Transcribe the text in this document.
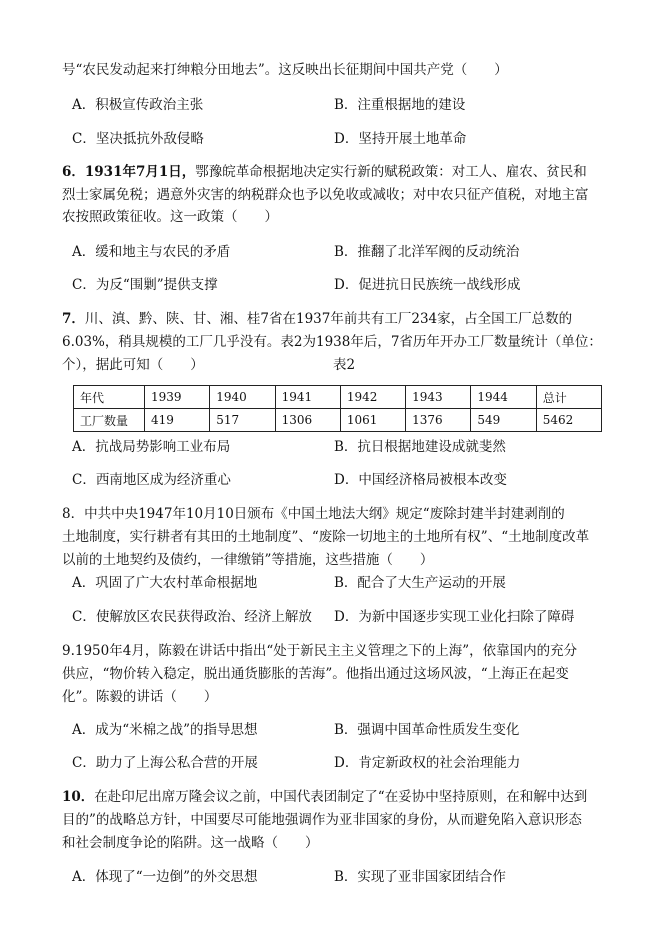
号“农民发动起来打绅粮分田地去”。这反映出长征期间中国共产党（　　）
A．积极宣传政治主张	B．注重根据地的建设
C．坚决抵抗外敌侵略	D．坚持开展土地革命
6．1931年7月1日，鄂豫皖革命根据地决定实行新的赋税政策：对工人、雇农、贫民和
烈士家属免税；遇意外灾害的纳税群众也予以免收或减收；对中农只征产值税，对地主富
农按照政策征收。这一政策（　　）
A．缓和地主与农民的矛盾	B．推翻了北洋军阀的反动统治
C．为反“围剿”提供支撑	D．促进抗日民族统一战线形成
7．川、滇、黔、陕、甘、湘、桂7省在1937年前共有工厂234家，占全国工厂总数的
6.03%，稍具规模的工厂几乎没有。表2为1938年后，7省历年开办工厂数量统计（单位：
个），据此可知（　　）	表2
年代	1939	1940	1941	1942	1943	1944	总计
工厂数量	419	517	1306	1061	1376	549	5462
A．抗战局势影响工业布局	B．抗日根据地建设成就斐然
C．西南地区成为经济重心	D．中国经济格局被根本改变
8．中共中央1947年10月10日颁布《中国土地法大纲》规定“废除封建半封建剥削的
土地制度，实行耕者有其田的土地制度”、“废除一切地主的土地所有权”、“土地制度改革
以前的土地契约及债约，一律缴销”等措施，这些措施（　　）
A．巩固了广大农村革命根据地	B．配合了大生产运动的开展
C．使解放区农民获得政治、经济上解放 D．为新中国逐步实现工业化扫除了障碍
9.1950年4月，陈毅在讲话中指出“处于新民主主义管理之下的上海”，依靠国内的充分
供应，“物价转入稳定，脱出通货膨胀的苦海”。他指出通过这场风波，“上海正在起变
化”。陈毅的讲话（　　）
A．成为“米棉之战”的指导思想	B．强调中国革命性质发生变化
C．助力了上海公私合营的开展	D．肯定新政权的社会治理能力
10．在赴印尼出席万隆会议之前，中国代表团制定了“在妥协中坚持原则，在和解中达到
目的”的战略总方针，中国要尽可能地强调作为亚非国家的身份，从而避免陷入意识形态
和社会制度争论的陷阱。这一战略（　　）
A．体现了“一边倒”的外交思想	B．实现了亚非国家团结合作
